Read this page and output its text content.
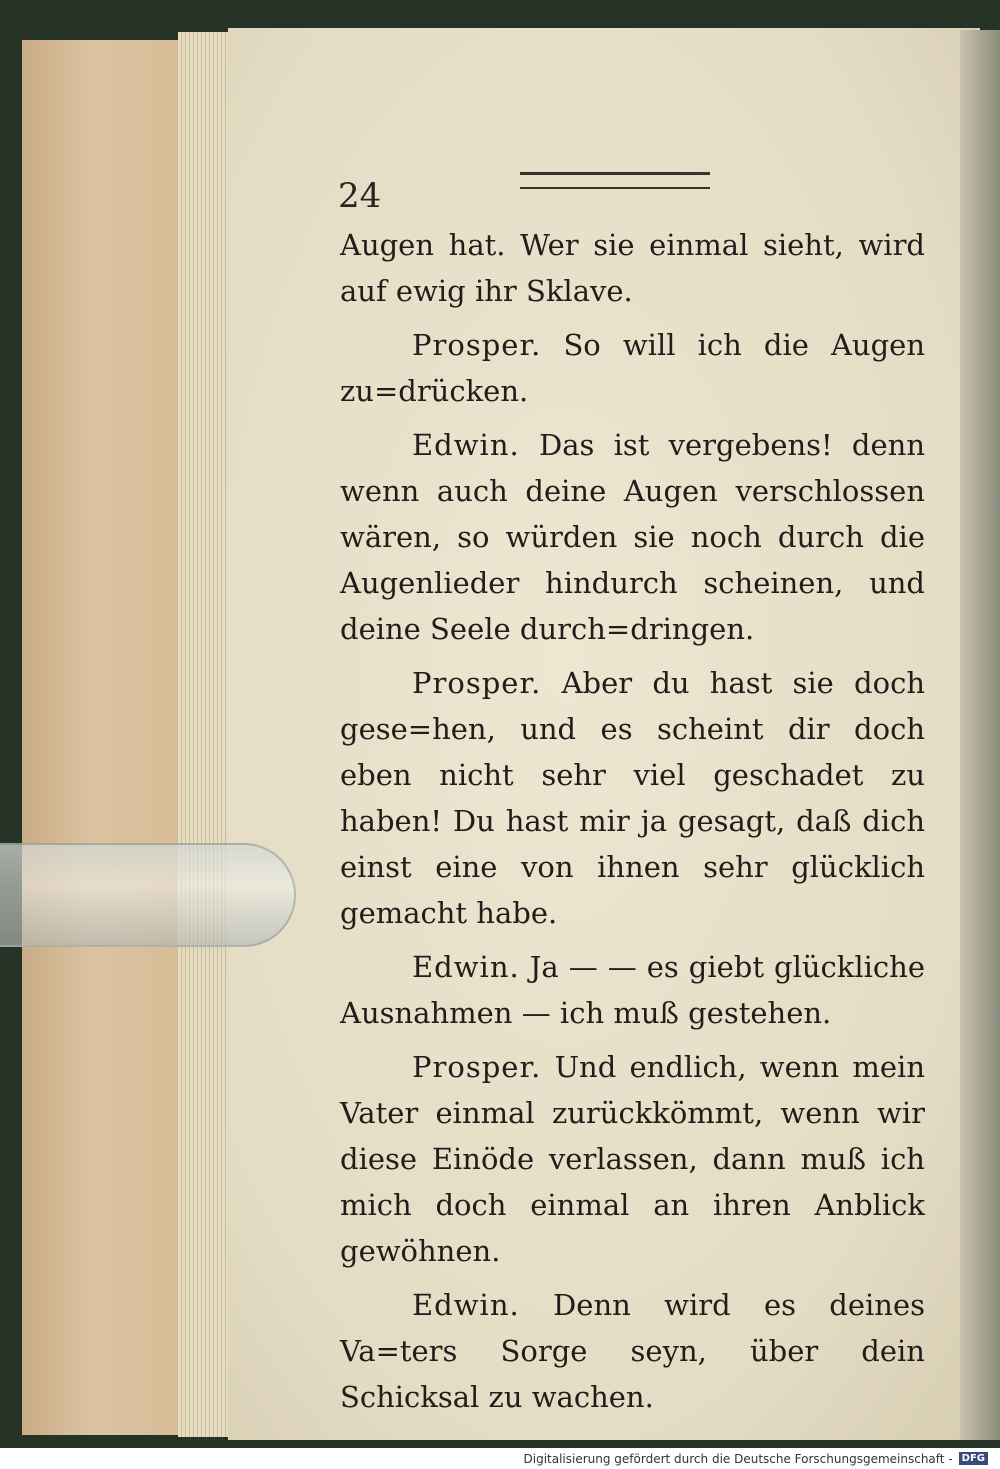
24

Augen hat. Wer sie einmal sieht, wird auf ewig ihr Sklave.

Prosper. So will ich die Augen zu=drücken.

Edwin. Das ist vergebens! denn wenn auch deine Augen verschlossen wären, so würden sie noch durch die Augenlieder hindurch scheinen, und deine Seele durch=dringen.

Prosper. Aber du hast sie doch gese=hen, und es scheint dir doch eben nicht sehr viel geschadet zu haben! Du hast mir ja gesagt, daß dich einst eine von ihnen sehr glücklich gemacht habe.

Edwin. Ja — — es giebt glückliche Ausnahmen — ich muß gestehen.

Prosper. Und endlich, wenn mein Vater einmal zurückkömmt, wenn wir diese Einöde verlassen, dann muß ich mich doch einmal an ihren Anblick gewöhnen.

Edwin. Denn wird es deines Va=ters Sorge seyn, über dein Schicksal zu wachen.

Digitalisierung gefördert durch die Deutsche Forschungsgemeinschaft - DFG
